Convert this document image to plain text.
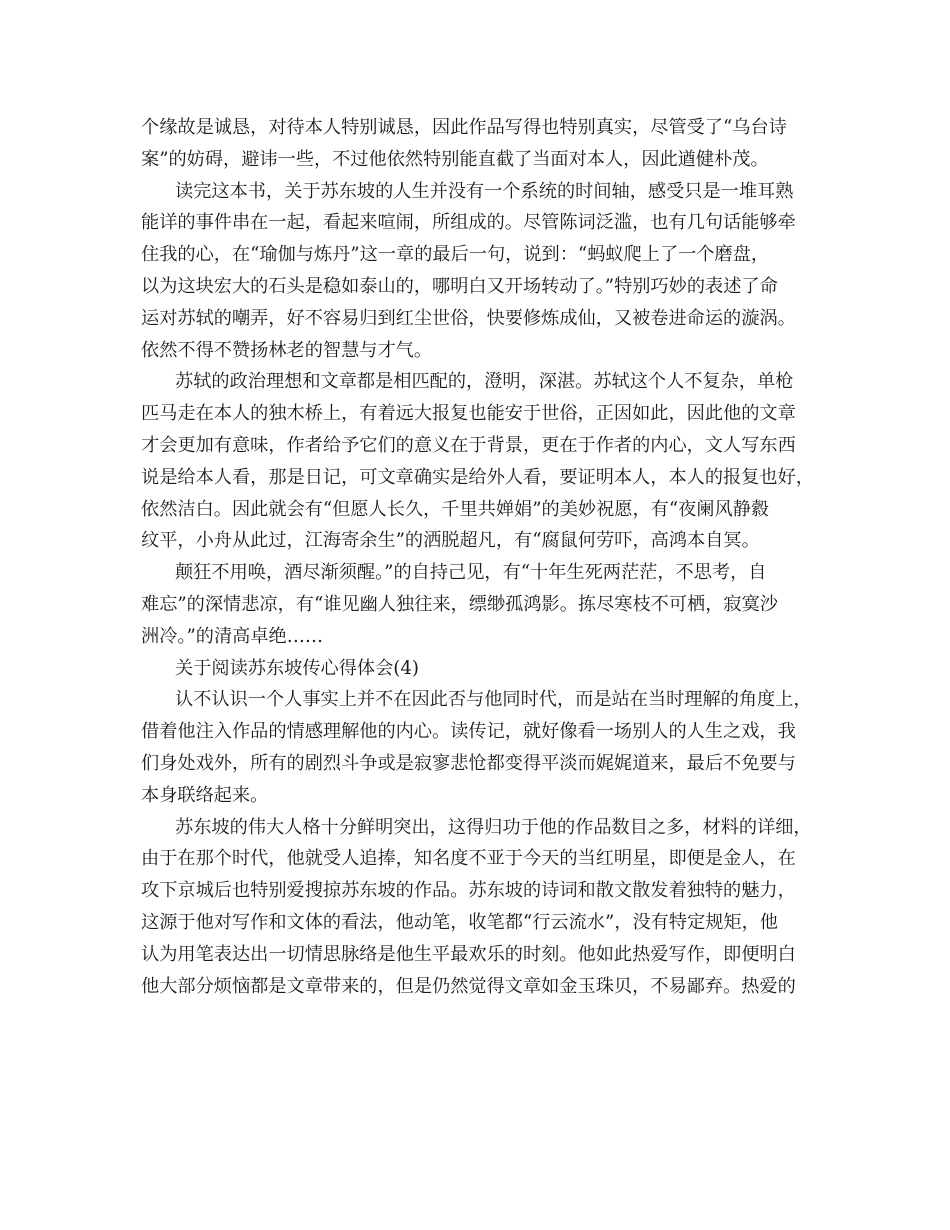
个缘故是诚恳，对待本人特别诚恳，因此作品写得也特别真实，尽管受了“乌台诗
案”的妨碍，避讳一些，不过他依然特别能直截了当面对本人，因此遒健朴茂。
读完这本书，关于苏东坡的人生并没有一个系统的时间轴，感受只是一堆耳熟
能详的事件串在一起，看起来喧闹，所组成的。尽管陈词泛滥，也有几句话能够牵
住我的心，在“瑜伽与炼丹”这一章的最后一句，说到：“蚂蚁爬上了一个磨盘，
以为这块宏大的石头是稳如泰山的，哪明白又开场转动了。”特别巧妙的表述了命
运对苏轼的嘲弄，好不容易归到红尘世俗，快要修炼成仙，又被卷进命运的漩涡。
依然不得不赞扬林老的智慧与才气。
苏轼的政治理想和文章都是相匹配的，澄明，深湛。苏轼这个人不复杂，单枪
匹马走在本人的独木桥上，有着远大报复也能安于世俗，正因如此，因此他的文章
才会更加有意味，作者给予它们的意义在于背景，更在于作者的内心，文人写东西
说是给本人看，那是日记，可文章确实是给外人看，要证明本人，本人的报复也好，
依然洁白。因此就会有“但愿人长久，千里共婵娟”的美妙祝愿，有“夜阑风静縠
纹平，小舟从此过，江海寄余生”的洒脱超凡，有“腐鼠何劳吓，高鸿本自冥。
颠狂不用唤，酒尽渐须醒。”的自持己见，有“十年生死两茫茫，不思考，自
难忘”的深情悲凉，有“谁见幽人独往来，缥缈孤鸿影。拣尽寒枝不可栖，寂寞沙
洲冷。”的清高卓绝……
关于阅读苏东坡传心得体会(4)
认不认识一个人事实上并不在因此否与他同时代，而是站在当时理解的角度上，
借着他注入作品的情感理解他的内心。读传记，就好像看一场别人的人生之戏，我
们身处戏外，所有的剧烈斗争或是寂寥悲怆都变得平淡而娓娓道来，最后不免要与
本身联络起来。
苏东坡的伟大人格十分鲜明突出，这得归功于他的作品数目之多，材料的详细，
由于在那个时代，他就受人追捧，知名度不亚于今天的当红明星，即便是金人，在
攻下京城后也特别爱搜掠苏东坡的作品。苏东坡的诗词和散文散发着独特的魅力，
这源于他对写作和文体的看法，他动笔，收笔都“行云流水”，没有特定规矩，他
认为用笔表达出一切情思脉络是他生平最欢乐的时刻。他如此热爱写作，即便明白
他大部分烦恼都是文章带来的，但是仍然觉得文章如金玉珠贝，不易鄙弃。热爱的
